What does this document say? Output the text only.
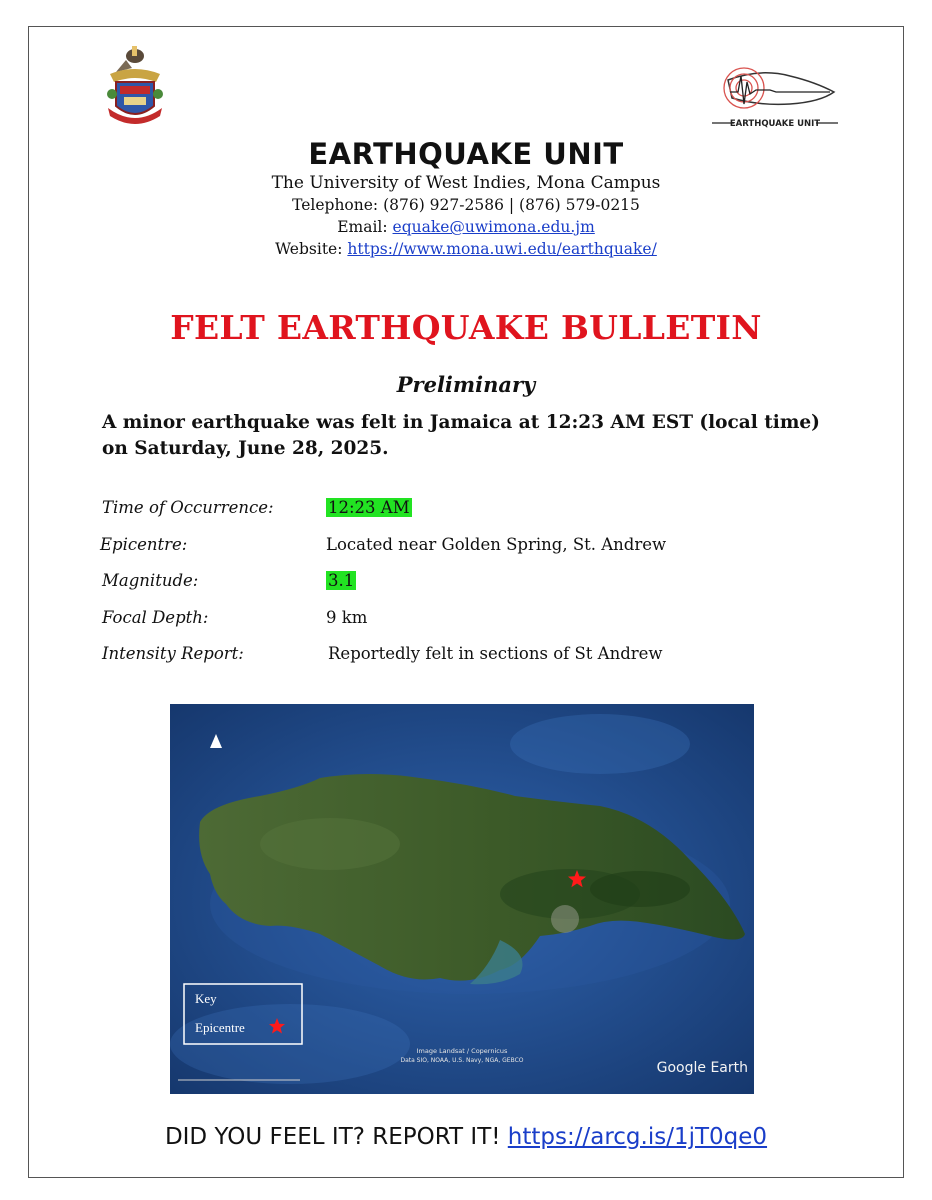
EARTHQUAKE UNIT

EARTHQUAKE UNIT

The University of West Indies, Mona Campus

Telephone: (876) 927-2586 | (876) 579-0215

Email: equake@uwimona.edu.jm

Website: https://www.mona.uwi.edu/earthquake/

FELT EARTHQUAKE BULLETIN

Preliminary

A minor earthquake was felt in Jamaica at 12:23 AM EST (local time) on Saturday, June 28, 2025.

Time of Occurrence:	12:23 AM
Epicentre:	Located near Golden Spring, St. Andrew
Magnitude:	3.1
Focal Depth:	9 km
Intensity Report:	Reportedly felt in sections of St Andrew
Key
Epicentre
Image Landsat / Copernicus
Data SIO, NOAA, U.S. Navy, NGA, GEBCO	Google Earth

DID YOU FEEL IT? REPORT IT! https://arcg.is/1jT0qe0
